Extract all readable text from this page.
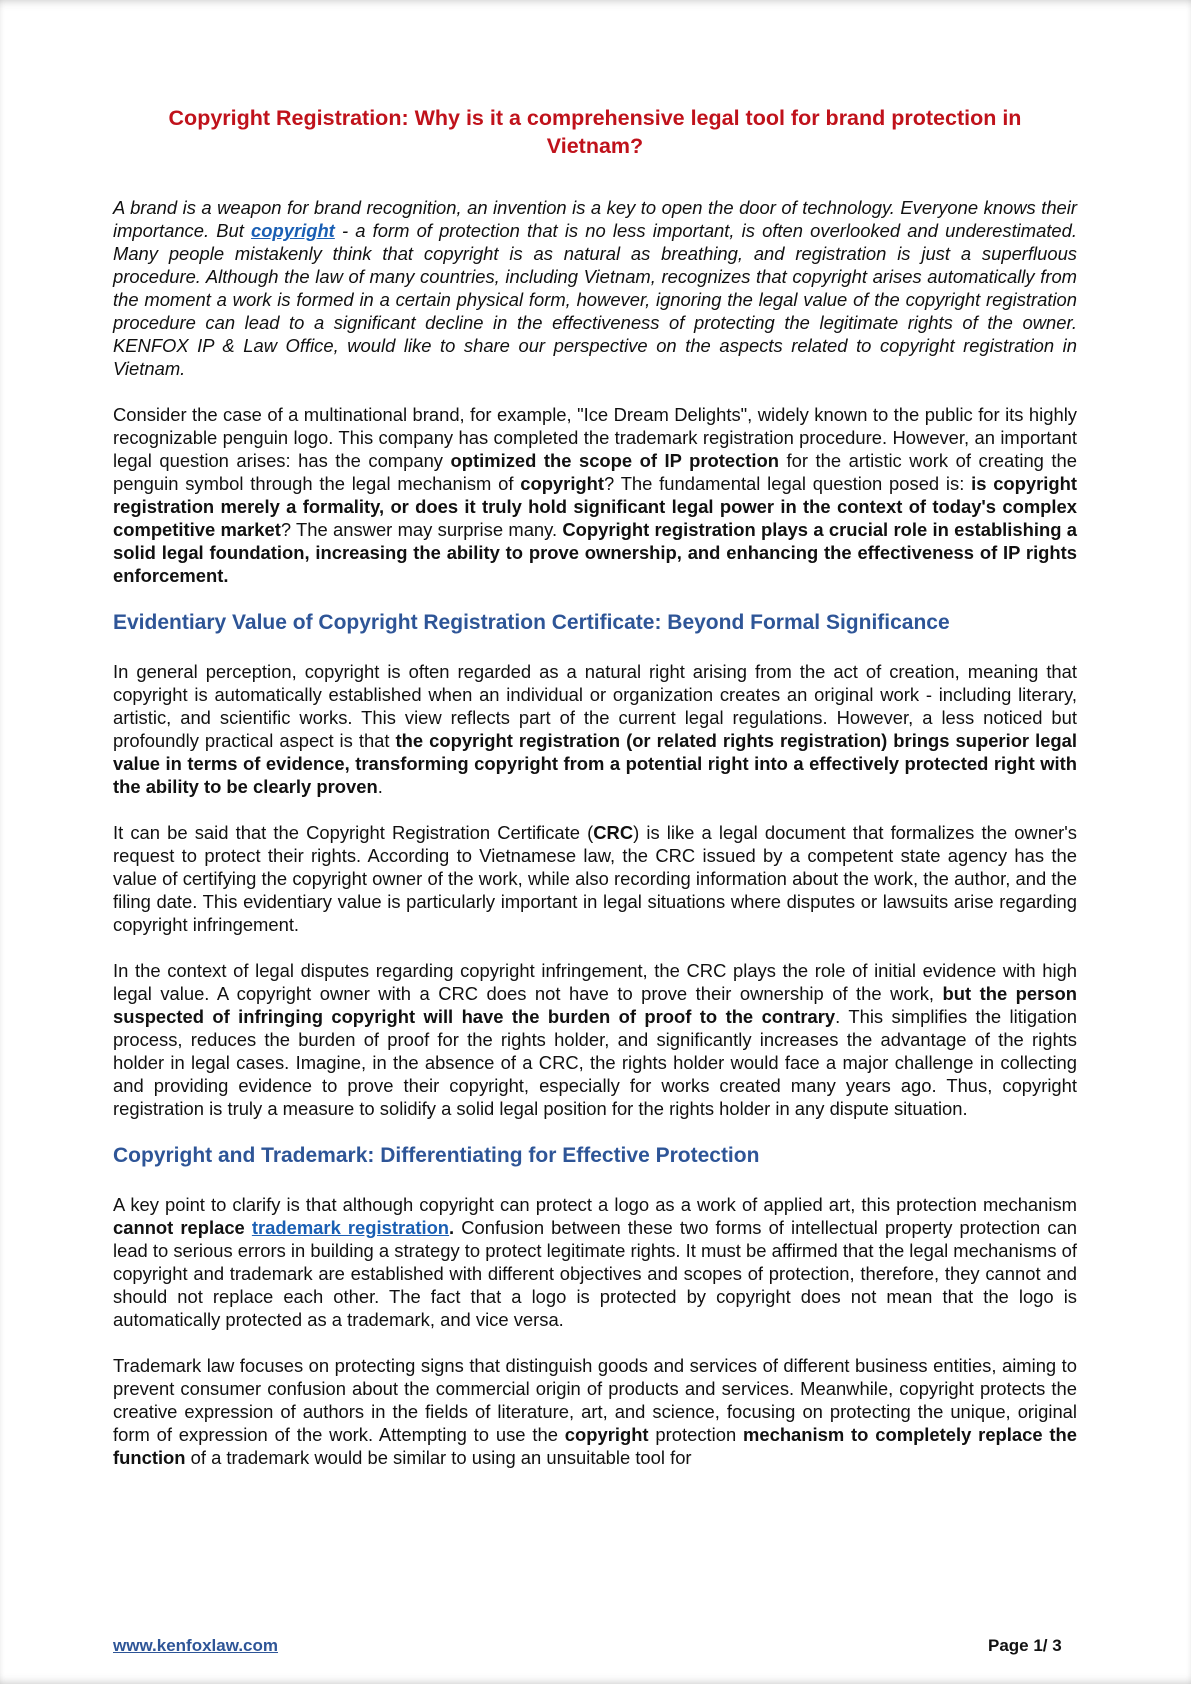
Copyright Registration: Why is it a comprehensive legal tool for brand protection in Vietnam?

A brand is a weapon for brand recognition, an invention is a key to open the door of technology. Everyone knows their importance. But copyright - a form of protection that is no less important, is often overlooked and underestimated. Many people mistakenly think that copyright is as natural as breathing, and registration is just a superfluous procedure. Although the law of many countries, including Vietnam, recognizes that copyright arises automatically from the moment a work is formed in a certain physical form, however, ignoring the legal value of the copyright registration procedure can lead to a significant decline in the effectiveness of protecting the legitimate rights of the owner. KENFOX IP & Law Office, would like to share our perspective on the aspects related to copyright registration in Vietnam.

Consider the case of a multinational brand, for example, "Ice Dream Delights", widely known to the public for its highly recognizable penguin logo. This company has completed the trademark registration procedure. However, an important legal question arises: has the company optimized the scope of IP protection for the artistic work of creating the penguin symbol through the legal mechanism of copyright? The fundamental legal question posed is: is copyright registration merely a formality, or does it truly hold significant legal power in the context of today's complex competitive market? The answer may surprise many. Copyright registration plays a crucial role in establishing a solid legal foundation, increasing the ability to prove ownership, and enhancing the effectiveness of IP rights enforcement.

Evidentiary Value of Copyright Registration Certificate: Beyond Formal Significance

In general perception, copyright is often regarded as a natural right arising from the act of creation, meaning that copyright is automatically established when an individual or organization creates an original work - including literary, artistic, and scientific works. This view reflects part of the current legal regulations. However, a less noticed but profoundly practical aspect is that the copyright registration (or related rights registration) brings superior legal value in terms of evidence, transforming copyright from a potential right into a effectively protected right with the ability to be clearly proven.

It can be said that the Copyright Registration Certificate (CRC) is like a legal document that formalizes the owner's request to protect their rights. According to Vietnamese law, the CRC issued by a competent state agency has the value of certifying the copyright owner of the work, while also recording information about the work, the author, and the filing date. This evidentiary value is particularly important in legal situations where disputes or lawsuits arise regarding copyright infringement.

In the context of legal disputes regarding copyright infringement, the CRC plays the role of initial evidence with high legal value. A copyright owner with a CRC does not have to prove their ownership of the work, but the person suspected of infringing copyright will have the burden of proof to the contrary. This simplifies the litigation process, reduces the burden of proof for the rights holder, and significantly increases the advantage of the rights holder in legal cases. Imagine, in the absence of a CRC, the rights holder would face a major challenge in collecting and providing evidence to prove their copyright, especially for works created many years ago. Thus, copyright registration is truly a measure to solidify a solid legal position for the rights holder in any dispute situation.

Copyright and Trademark: Differentiating for Effective Protection

A key point to clarify is that although copyright can protect a logo as a work of applied art, this protection mechanism cannot replace trademark registration. Confusion between these two forms of intellectual property protection can lead to serious errors in building a strategy to protect legitimate rights. It must be affirmed that the legal mechanisms of copyright and trademark are established with different objectives and scopes of protection, therefore, they cannot and should not replace each other. The fact that a logo is protected by copyright does not mean that the logo is automatically protected as a trademark, and vice versa.

Trademark law focuses on protecting signs that distinguish goods and services of different business entities, aiming to prevent consumer confusion about the commercial origin of products and services. Meanwhile, copyright protects the creative expression of authors in the fields of literature, art, and science, focusing on protecting the unique, original form of expression of the work. Attempting to use the copyright protection mechanism to completely replace the function of a trademark would be similar to using an unsuitable tool for

www.kenfoxlaw.com	Page 1/ 3
